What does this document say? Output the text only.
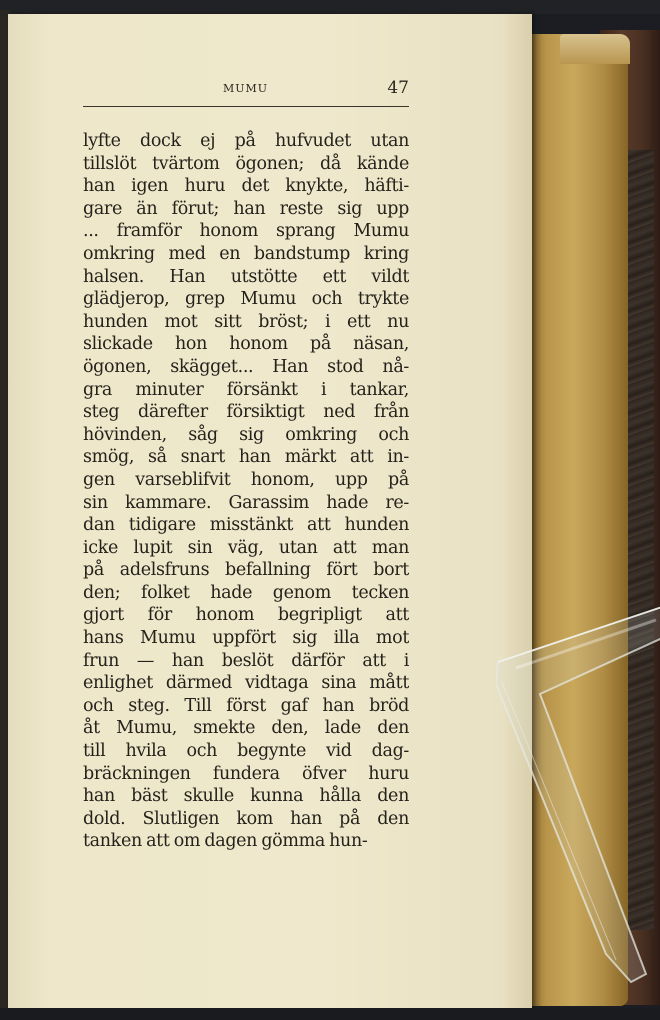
MUMU	47
lyfte dock ej på hufvudet utan
tillslöt tvärtom ögonen; då kände
han igen huru det knykte, häfti-
gare än förut; han reste sig upp
... framför honom sprang Mumu
omkring med en bandstump kring
halsen. Han utstötte ett vildt
glädjerop, grep Mumu och trykte
hunden mot sitt bröst; i ett nu
slickade hon honom på näsan,
ögonen, skägget... Han stod nå-
gra minuter försänkt i tankar,
steg därefter försiktigt ned från
hövinden, såg sig omkring och
smög, så snart han märkt att in-
gen varseblifvit honom, upp på
sin kammare. Garassim hade re-
dan tidigare misstänkt att hunden
icke lupit sin väg, utan att man
på adelsfruns befallning fört bort
den; folket hade genom tecken
gjort för honom begripligt att
hans Mumu uppfört sig illa mot
frun — han beslöt därför att i
enlighet därmed vidtaga sina mått
och steg. Till först gaf han bröd
åt Mumu, smekte den, lade den
till hvila och begynte vid dag-
bräckningen fundera öfver huru
han bäst skulle kunna hålla den
dold. Slutligen kom han på den
tanken att om dagen gömma hun-
